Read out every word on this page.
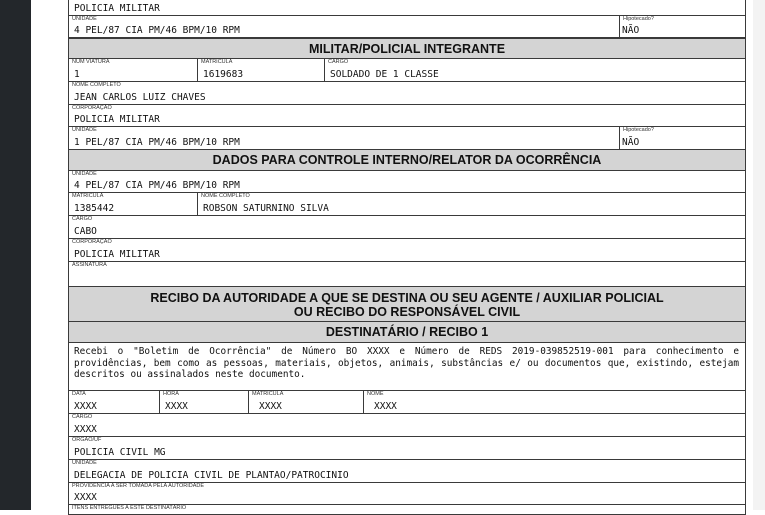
POLICIA MILITAR
UNIDADE
4 PEL/87 CIA PM/46 BPM/10 RPM
Hipotecado?
NÃO
MILITAR/POLICIAL INTEGRANTE
NUM VIATURA
1
MATRICULA
1619683
CARGO
SOLDADO DE 1 CLASSE
NOME COMPLETO
JEAN CARLOS LUIZ CHAVES
CORPORAÇÃO
POLICIA MILITAR
UNIDADE
1 PEL/87 CIA PM/46 BPM/10 RPM
Hipotecado?
NÃO
DADOS PARA CONTROLE INTERNO/RELATOR DA OCORRÊNCIA
UNIDADE
4 PEL/87 CIA PM/46 BPM/10 RPM
MATRICULA
1385442
NOME COMPLETO
ROBSON SATURNINO SILVA
CARGO
CABO
CORPORAÇÃO
POLICIA MILITAR
ASSINATURA
RECIBO DA AUTORIDADE A QUE SE DESTINA OU SEU AGENTE / AUXILIAR POLICIAL
OU RECIBO DO RESPONSÁVEL CIVIL
DESTINATÁRIO / RECIBO 1
Recebi o "Boletim de Ocorrência" de Número BO XXXX e Número de REDS 2019-039852519-001 para conhecimento e providências, bem como as pessoas, materiais, objetos, animais, substâncias e/ ou documentos que, existindo, estejam descritos ou assinalados neste documento.
DATA
XXXX
HORA
XXXX
MATRICULA
XXXX
NOME
XXXX
CARGO
XXXX
ÓRGÃO/UF
POLICIA CIVIL MG
UNIDADE
DELEGACIA DE POLICIA CIVIL DE PLANTAO/PATROCINIO
PROVIDÊNCIA A SER TOMADA PELA AUTORIDADE
XXXX
ITENS ENTREGUES A ESTE DESTINATÁRIO
